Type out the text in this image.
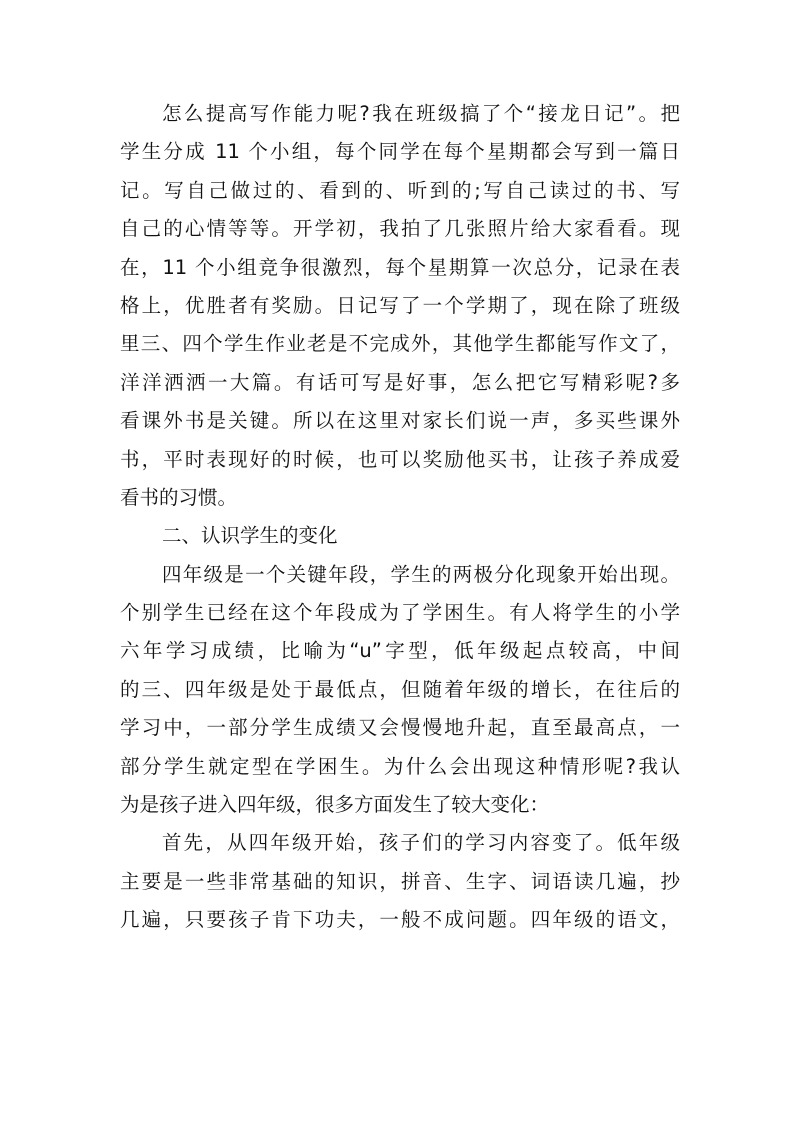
怎么提高写作能力呢?我在班级搞了个“接龙日记”。把
学生分成 11 个小组，每个同学在每个星期都会写到一篇日
记。写自己做过的、看到的、听到的;写自己读过的书、写
自己的心情等等。开学初，我拍了几张照片给大家看看。现
在，11 个小组竞争很激烈，每个星期算一次总分，记录在表
格上，优胜者有奖励。日记写了一个学期了，现在除了班级
里三、四个学生作业老是不完成外，其他学生都能写作文了，
洋洋洒洒一大篇。有话可写是好事，怎么把它写精彩呢?多
看课外书是关键。所以在这里对家长们说一声，多买些课外
书，平时表现好的时候，也可以奖励他买书，让孩子养成爱
看书的习惯。
二、认识学生的变化
四年级是一个关键年段，学生的两极分化现象开始出现。
个别学生已经在这个年段成为了学困生。有人将学生的小学
六年学习成绩，比喻为“u”字型，低年级起点较高，中间
的三、四年级是处于最低点，但随着年级的增长，在往后的
学习中，一部分学生成绩又会慢慢地升起，直至最高点，一
部分学生就定型在学困生。为什么会出现这种情形呢?我认
为是孩子进入四年级，很多方面发生了较大变化：
首先，从四年级开始，孩子们的学习内容变了。低年级
主要是一些非常基础的知识，拼音、生字、词语读几遍，抄
几遍，只要孩子肯下功夫，一般不成问题。四年级的语文，
